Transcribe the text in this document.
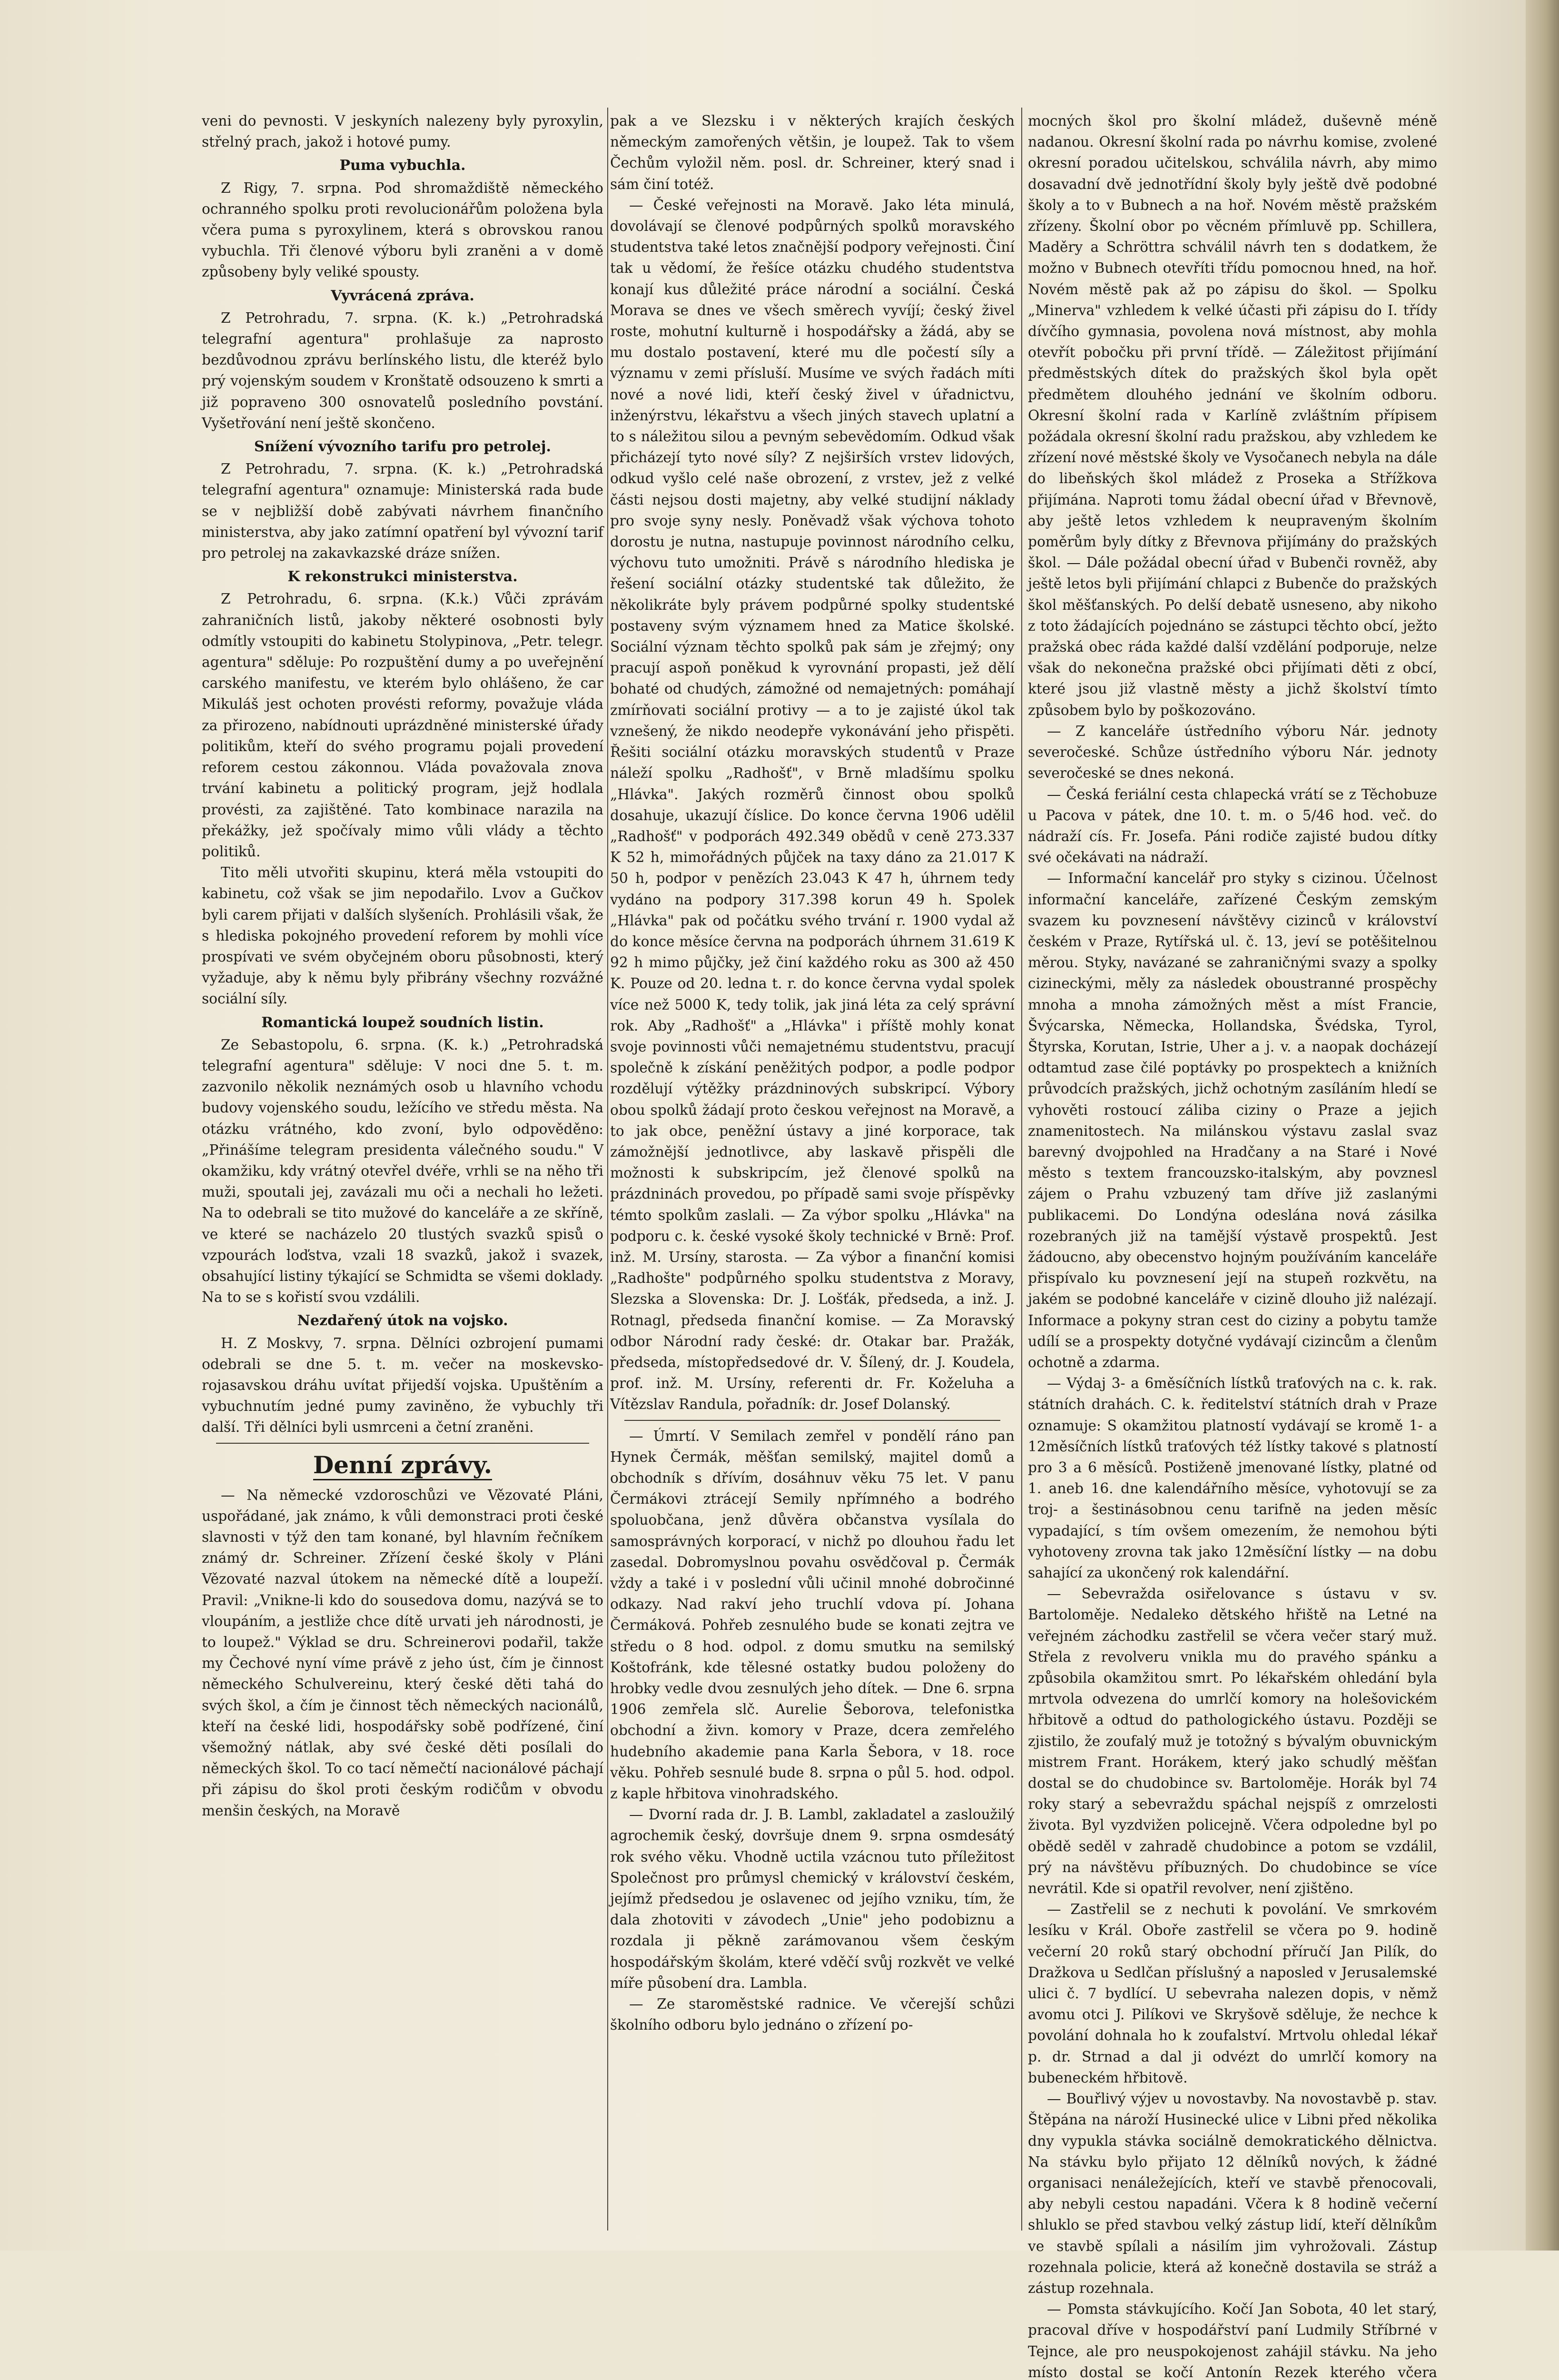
veni do pevnosti. V jeskyních nalezeny byly pyroxylin, střelný prach, jakož i hotové pumy.

Puma vybuchla.

Z Rigy, 7. srpna. Pod shromaždiště německého ochranného spolku proti revolucionářům položena byla včera puma s pyroxylinem, která s obrovskou ranou vybuchla. Tři členové výboru byli zraněni a v domě způsobeny byly veliké spousty.

Vyvrácená zpráva.

Z Petrohradu, 7. srpna. (K. k.) „Petrohradská telegrafní agentura" prohlašuje za naprosto bezdůvodnou zprávu berlínského listu, dle kteréž bylo prý vojenským soudem v Kronštatě odsouzeno k smrti a již popraveno 300 osnovatelů posledního povstání. Vyšetřování není ještě skončeno.

Snížení vývozního tarifu pro petrolej.

Z Petrohradu, 7. srpna. (K. k.) „Petrohradská telegrafní agentura" oznamuje: Ministerská rada bude se v nejbližší době zabývati návrhem finančního ministerstva, aby jako zatímní opatření byl vývozní tarif pro petrolej na zakavkazské dráze snížen.

K rekonstrukci ministerstva.

Z Petrohradu, 6. srpna. (K.k.) Vůči zprávám zahraničních listů, jakoby některé osobnosti byly odmítly vstoupiti do kabinetu Stolypinova, „Petr. telegr. agentura" sděluje: Po rozpuštění dumy a po uveřejnění carského manifestu, ve kterém bylo ohlášeno, že car Mikuláš jest ochoten provésti reformy, považuje vláda za přirozeno, nabídnouti uprázdněné ministerské úřady politikům, kteří do svého programu pojali provedení reforem cestou zákonnou. Vláda považovala znova trvání kabinetu a politický program, jejž hodlala provésti, za zajištěné. Tato kombinace narazila na překážky, jež spočívaly mimo vůli vlády a těchto politiků.

Tito měli utvořiti skupinu, která měla vstoupiti do kabinetu, což však se jim nepodařilo. Lvov a Gučkov byli carem přijati v dalších slyšeních. Prohlásili však, že s hlediska pokojného provedení reforem by mohli více prospívati ve svém obyčejném oboru působnosti, který vyžaduje, aby k němu byly přibrány všechny rozvážné sociální síly.

Romantická loupež soudních listin.

Ze Sebastopolu, 6. srpna. (K. k.) „Petrohradská telegrafní agentura" sděluje: V noci dne 5. t. m. zazvonilo několik neznámých osob u hlavního vchodu budovy vojenského soudu, ležícího ve středu města. Na otázku vrátného, kdo zvoní, bylo odpověděno: „Přinášíme telegram presidenta válečného soudu." V okamžiku, kdy vrátný otevřel dvéře, vrhli se na něho tři muži, spoutali jej, zavázali mu oči a nechali ho ležeti. Na to odebrali se tito mužové do kanceláře a ze skříně, ve které se nacházelo 20 tlustých svazků spisů o vzpourách loďstva, vzali 18 svazků, jakož i svazek, obsahující listiny týkající se Schmidta se všemi doklady. Na to se s kořistí svou vzdálili.

Nezdařený útok na vojsko.

H. Z Moskvy, 7. srpna. Dělníci ozbrojení pumami odebrali se dne 5. t. m. večer na moskevsko-rojasavskou dráhu uvítat přijedší vojska. Upuštěním a vybuchnutím jedné pumy zaviněno, že vybuchly tři další. Tři dělníci byli usmrceni a četní zraněni.

Denní zprávy.

— Na německé vzdoroschůzi ve Vězovaté Pláni, uspořádané, jak známo, k vůli demonstraci proti české slavnosti v týž den tam konané, byl hlavním řečníkem známý dr. Schreiner. Zřízení české školy v Pláni Vězovaté nazval útokem na německé dítě a loupeží. Pravil: „Vnikne-li kdo do sousedova domu, nazývá se to vloupáním, a jestliže chce dítě urvati jeh národnosti, je to loupež." Výklad se dru. Schreinerovi podařil, takže my Čechové nyní víme právě z jeho úst, čím je činnost německého Schulvereinu, který české děti tahá do svých škol, a čím je činnost těch německých nacionálů, kteří na české lidi, hospodářsky sobě podřízené, činí všemožný nátlak, aby své české děti posílali do německých škol. To co tací němečtí nacionálové páchají při zápisu do škol proti českým rodičům v obvodu menšin českých, na Moravě

pak a ve Slezsku i v některých krajích českých německým zamořených většin, je loupež. Tak to všem Čechům vyložil něm. posl. dr. Schreiner, který snad i sám činí totéž.

— České veřejnosti na Moravě. Jako léta minulá, dovolávají se členové podpůrných spolků moravského studentstva také letos značnější podpory veřejnosti. Činí tak u vědomí, že řešíce otázku chudého studentstva konají kus důležité práce národní a sociální. Česká Morava se dnes ve všech směrech vyvíjí; český živel roste, mohutní kulturně i hospodářsky a žádá, aby se mu dostalo postavení, které mu dle počestí síly a významu v zemi přísluší. Musíme ve svých řadách míti nové a nové lidi, kteří český živel v úřadnictvu, inženýrstvu, lékařstvu a všech jiných stavech uplatní a to s náležitou silou a pevným sebevědomím. Odkud však přicházejí tyto nové síly? Z nejširších vrstev lidových, odkud vyšlo celé naše obrození, z vrstev, jež z velké části nejsou dosti majetny, aby velké studijní náklady pro svoje syny nesly. Poněvadž však výchova tohoto dorostu je nutna, nastupuje povinnost národního celku, výchovu tuto umožniti. Právě s národního hlediska je řešení sociální otázky studentské tak důležito, že několikráte byly právem podpůrné spolky studentské postaveny svým významem hned za Matice školské. Sociální význam těchto spolků pak sám je zřejmý; ony pracují aspoň poněkud k vyrovnání propasti, jež dělí bohaté od chudých, zámožné od nemajetných: pomáhají zmírňovati sociální protivy — a to je zajisté úkol tak vznešený, že nikdo neodepře vykonávání jeho přispěti. Řešiti sociální otázku moravských studentů v Praze náleží spolku „Radhošť", v Brně mladšímu spolku „Hlávka". Jakých rozměrů činnost obou spolků dosahuje, ukazují číslice. Do konce června 1906 udělil „Radhošť" v podporách 492.349 obědů v ceně 273.337 K 52 h, mimořádných půjček na taxy dáno za 21.017 K 50 h, podpor v penězích 23.043 K 47 h, úhrnem tedy vydáno na podpory 317.398 korun 49 h. Spolek „Hlávka" pak od počátku svého trvání r. 1900 vydal až do konce měsíce června na podporách úhrnem 31.619 K 92 h mimo půjčky, jež činí každého roku as 300 až 450 K. Pouze od 20. ledna t. r. do konce června vydal spolek více než 5000 K, tedy tolik, jak jiná léta za celý správní rok. Aby „Radhošť" a „Hlávka" i příště mohly konat svoje povinnosti vůči nemajetnému studentstvu, pracují společně k získání peněžitých podpor, a podle podpor rozdělují výtěžky prázdninových subskripcí. Výbory obou spolků žádají proto českou veřejnost na Moravě, a to jak obce, peněžní ústavy a jiné korporace, tak zámožnější jednotlivce, aby laskavě přispěli dle možnosti k subskripcím, jež členové spolků na prázdninách provedou, po případě sami svoje příspěvky témto spolkům zaslali. — Za výbor spolku „Hlávka" na podporu c. k. české vysoké školy technické v Brně: Prof. inž. M. Ursíny, starosta. — Za výbor a finanční komisi „Radhošte" podpůrného spolku studentstva z Moravy, Slezska a Slovenska: Dr. J. Lošťák, předseda, a inž. J. Rotnagl, předseda finanční komise. — Za Moravský odbor Národní rady české: dr. Otakar bar. Pražák, předseda, místopředsedové dr. V. Šílený, dr. J. Koudela, prof. inž. M. Ursíny, referenti dr. Fr. Koželuha a Vítězslav Randula, pořadník: dr. Josef Dolanský.

— Úmrtí. V Semilach zemřel v pondělí ráno pan Hynek Čermák, měšťan semilský, majitel domů a obchodník s dřívím, dosáhnuv věku 75 let. V panu Čermákovi ztrácejí Semily npřímného a bodrého spoluobčana, jenž důvěra občanstva vysílala do samosprávných korporací, v nichž po dlouhou řadu let zasedal. Dobromyslnou povahu osvědčoval p. Čermák vždy a také i v poslední vůli učinil mnohé dobročinné odkazy. Nad rakví jeho truchlí vdova pí. Johana Čermáková. Pohřeb zesnulého bude se konati zejtra ve středu o 8 hod. odpol. z domu smutku na semilský Koštofránk, kde tělesné ostatky budou položeny do hrobky vedle dvou zesnulých jeho dítek. — Dne 6. srpna 1906 zemřela slč. Aurelie Šeborova, telefonistka obchodní a živn. komory v Praze, dcera zemřelého hudebního akademie pana Karla Šebora, v 18. roce věku. Pohřeb sesnulé bude 8. srpna o půl 5. hod. odpol. z kaple hřbitova vinohradského.

— Dvorní rada dr. J. B. Lambl, zakladatel a zasloužilý agrochemik český, dovršuje dnem 9. srpna osmdesátý rok svého věku. Vhodně uctila vzácnou tuto příležitost Společnost pro průmysl chemický v království českém, jejímž předsedou je oslavenec od jejího vzniku, tím, že dala zhotoviti v závodech „Unie" jeho podobiznu a rozdala ji pěkně zarámovanou všem českým hospodářským školám, které vděčí svůj rozkvět ve velké míře působení dra. Lambla.

— Ze staroměstské radnice. Ve včerejší schůzi školního odboru bylo jednáno o zřízení po-

mocných škol pro školní mládež, duševně méně nadanou. Okresní školní rada po návrhu komise, zvolené okresní poradou učitelskou, schválila návrh, aby mimo dosavadní dvě jednotřídní školy byly ještě dvě podobné školy a to v Bubnech a na hoř. Novém městě pražském zřízeny. Školní obor po věcném přímluvě pp. Schillera, Maděry a Schröttra schválil návrh ten s dodatkem, že možno v Bubnech otevříti třídu pomocnou hned, na hoř. Novém městě pak až po zápisu do škol. — Spolku „Minerva" vzhledem k velké účasti při zápisu do I. třídy dívčího gymnasia, povolena nová místnost, aby mohla otevřít pobočku při první třídě. — Záležitost přijímání předměstských dítek do pražských škol byla opět předmětem dlouhého jednání ve školním odboru. Okresní školní rada v Karlíně zvláštním přípisem požádala okresní školní radu pražskou, aby vzhledem ke zřízení nové městské školy ve Vysočanech nebyla na dále do libeňských škol mládež z Proseka a Střížkova přijímána. Naproti tomu žádal obecní úřad v Břevnově, aby ještě letos vzhledem k neupraveným školním poměrům byly dítky z Břevnova přijímány do pražských škol. — Dále požádal obecní úřad v Bubenči rovněž, aby ještě letos byli přijímání chlapci z Bubenče do pražských škol měšťanských. Po delší debatě usneseno, aby nikoho z toto žádajících pojednáno se zástupci těchto obcí, ježto pražská obec ráda každé další vzdělání podporuje, nelze však do nekonečna pražské obci přijímati děti z obcí, které jsou již vlastně městy a jichž školství tímto způsobem bylo by poškozováno.

— Z kanceláře ústředního výboru Nár. jednoty severočeské. Schůze ústředního výboru Nár. jednoty severočeské se dnes nekoná.

— Česká feriální cesta chlapecká vrátí se z Těchobuze u Pacova v pátek, dne 10. t. m. o 5/46 hod. več. do nádraží cís. Fr. Josefa. Páni rodiče zajisté budou dítky své očekávati na nádraží.

— Informační kancelář pro styky s cizinou. Účelnost informační kanceláře, zařízené Českým zemským svazem ku povznesení návštěvy cizinců v království českém v Praze, Rytířská ul. č. 13, jeví se potěšitelnou měrou. Styky, navázané se zahraničnými svazy a spolky cizineckými, měly za následek oboustranné prospěchy mnoha a mnoha zámožných měst a míst Francie, Švýcarska, Německa, Hollandska, Švédska, Tyrol, Štyrska, Korutan, Istrie, Uher a j. v. a naopak docházejí odtamtud zase čilé poptávky po prospektech a knižních průvodcích pražských, jichž ochotným zasíláním hledí se vyhověti rostoucí záliba ciziny o Praze a jejich znamenitostech. Na milánskou výstavu zaslal svaz barevný dvojpohled na Hradčany a na Staré i Nové město s textem francouzsko-italským, aby povznesl zájem o Prahu vzbuzený tam dříve již zaslanými publikacemi. Do Londýna odeslána nová zásilka rozebraných již na tamější výstavě prospektů. Jest žádoucno, aby obecenstvo hojným používáním kanceláře přispívalo ku povznesení její na stupeň rozkvětu, na jakém se podobné kanceláře v cizině dlouho již nalézají. Informace a pokyny stran cest do ciziny a pobytu tamže udílí se a prospekty dotyčné vydávají cizincům a členům ochotně a zdarma.

— Výdaj 3- a 6měsíčních lístků traťových na c. k. rak. státních drahách. C. k. ředitelství státních drah v Praze oznamuje: S okamžitou platností vydávají se kromě 1- a 12měsíčních lístků traťových též lístky takové s platností pro 3 a 6 měsíců. Postiženě jmenované lístky, platné od 1. aneb 16. dne kalendářního měsíce, vyhotovují se za troj- a šestinásobnou cenu tarifně na jeden měsíc vypadající, s tím ovšem omezením, že nemohou býti vyhotoveny zrovna tak jako 12měsíční lístky — na dobu sahající za ukončený rok kalendářní.

— Sebevražda osiřelovance s ústavu v sv. Bartoloměje. Nedaleko dětského hřiště na Letné na veřejném záchodku zastřelil se včera večer starý muž. Střela z revolveru vnikla mu do pravého spánku a způsobila okamžitou smrt. Po lékařském ohledání byla mrtvola odvezena do umrlčí komory na holešovickém hřbitově a odtud do pathologického ústavu. Později se zjistilo, že zoufalý muž je totožný s bývalým obuvnickým mistrem Frant. Horákem, který jako schudlý měšťan dostal se do chudobince sv. Bartoloměje. Horák byl 74 roky starý a sebevraždu spáchal nejspíš z omrzelosti života. Byl vyzdvižen policejně. Včera odpoledne byl po obědě seděl v zahradě chudobince a potom se vzdálil, prý na návštěvu příbuzných. Do chudobince se více nevrátil. Kde si opatřil revolver, není zjištěno.

— Zastřelil se z nechuti k povolání. Ve smrkovém lesíku v Král. Oboře zastřelil se včera po 9. hodině večerní 20 roků starý obchodní příručí Jan Pilík, do Dražkova u Sedlčan příslušný a naposled v Jerusalemské ulici č. 7 bydlící. U sebevraha nalezen dopis, v němž avomu otci J. Pilíkovi ve Skryšově sděluje, že nechce k povolání dohnala ho k zoufalství. Mrtvolu ohledal lékař p. dr. Strnad a dal ji odvézt do umrlčí komory na bubeneckém hřbitově.

— Bouřlivý výjev u novostavby. Na novostavbě p. stav. Štěpána na nároží Husinecké ulice v Libni před několika dny vypukla stávka sociálně demokratického dělnictva. Na stávku bylo přijato 12 dělníků nových, k žádné organisaci nenáležejících, kteří ve stavbě přenocovali, aby nebyli cestou napadáni. Včera k 8 hodině večerní shluklo se před stavbou velký zástup lidí, kteří dělníkům ve stavbě spílali a násilím jim vyhrožovali. Zástup rozehnala policie, která až konečně dostavila se stráž a zástup rozehnala.

— Pomsta stávkujícího. Kočí Jan Sobota, 40 let starý, pracoval dříve v hospodářství paní Ludmily Stříbrné v Tejnce, ale pro neuspokojenost zahájil stávku. Na jeho místo dostal se kočí Antonín Rezek kterého včera
